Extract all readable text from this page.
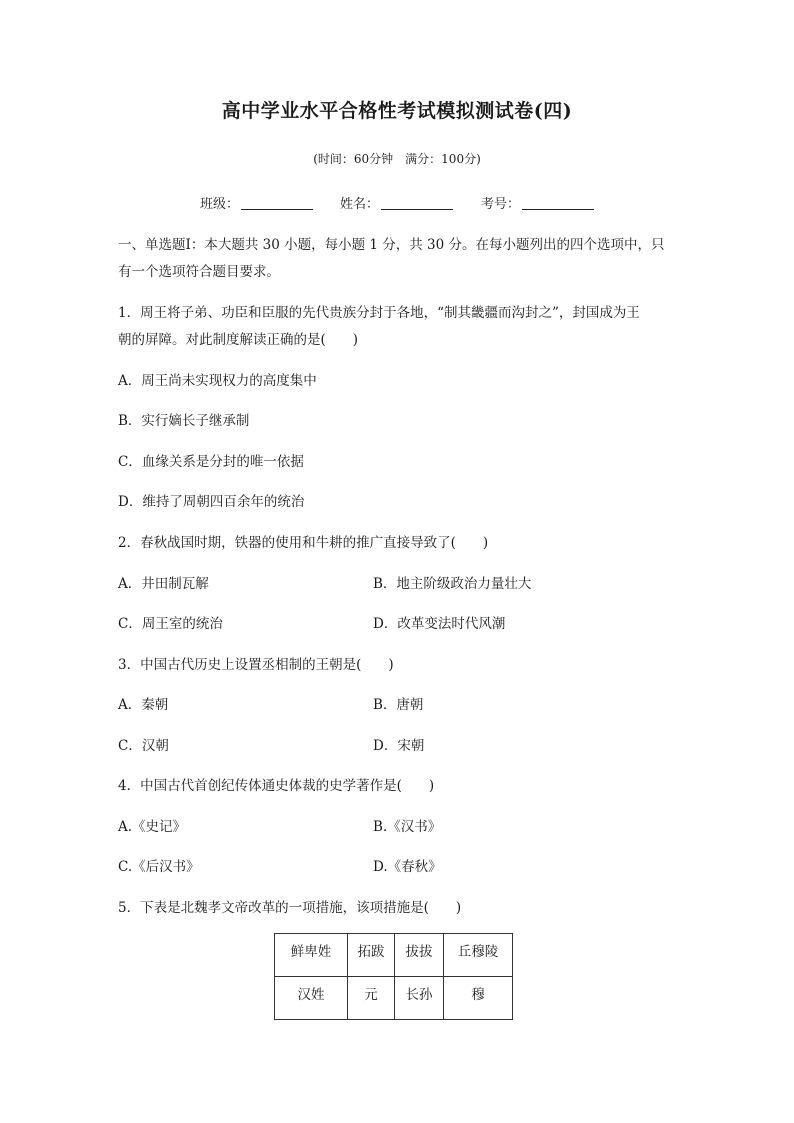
高中学业水平合格性考试模拟测试卷(四)
(时间：60分钟　满分：100分)
班级：	姓名：	考号：
一、单选题Ⅰ：本大题共 30 小题，每小题 1 分，共 30 分。在每小题列出的四个选项中，只
有一个选项符合题目要求。
1．周王将子弟、功臣和臣服的先代贵族分封于各地，“制其畿疆而沟封之”，封国成为王
朝的屏障。对此制度解读正确的是(　　)
A．周王尚未实现权力的高度集中
B．实行嫡长子继承制
C．血缘关系是分封的唯一依据
D．维持了周朝四百余年的统治
2．春秋战国时期，铁器的使用和牛耕的推广直接导致了(　　)
A．井田制瓦解	B．地主阶级政治力量壮大
C．周王室的统治	D．改革变法时代风潮
3．中国古代历史上设置丞相制的王朝是(　　)
A．秦朝	B．唐朝
C．汉朝	D．宋朝
4．中国古代首创纪传体通史体裁的史学著作是(　　)
A.《史记》	B.《汉书》
C.《后汉书》	D.《春秋》
5．下表是北魏孝文帝改革的一项措施，该项措施是(　　)
鲜卑姓	拓跋	拔拔	丘穆陵
汉姓	元	长孙	穆
